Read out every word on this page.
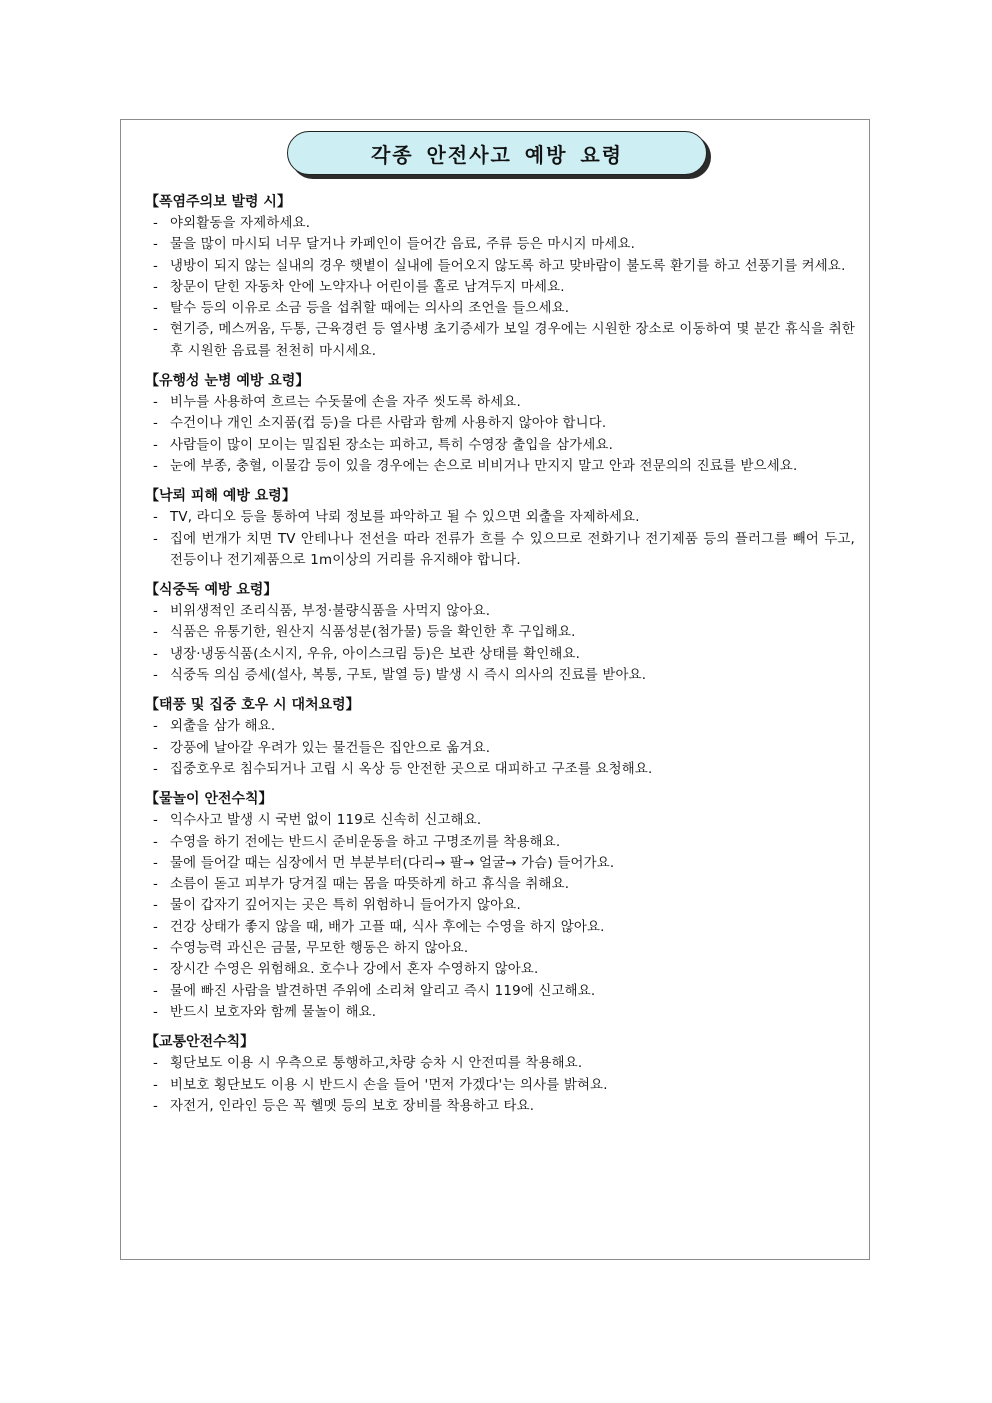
각종 안전사고 예방 요령
【폭염주의보 발령 시】
- 야외활동을 자제하세요.
- 물을 많이 마시되 너무 달거나 카페인이 들어간 음료, 주류 등은 마시지 마세요.
- 냉방이 되지 않는 실내의 경우 햇볕이 실내에 들어오지 않도록 하고 맞바람이 불도록 환기를 하고 선풍기를 켜세요.
- 창문이 닫힌 자동차 안에 노약자나 어린이를 홀로 남겨두지 마세요.
- 탈수 등의 이유로 소금 등을 섭취할 때에는 의사의 조언을 들으세요.
- 현기증, 메스꺼움, 두통, 근육경련 등 열사병 초기증세가 보일 경우에는 시원한 장소로 이동하여 몇 분간 휴식을 취한 후 시원한 음료를 천천히 마시세요.
【유행성 눈병 예방 요령】
- 비누를 사용하여 흐르는 수돗물에 손을 자주 씻도록 하세요.
- 수건이나 개인 소지품(컵 등)을 다른 사람과 함께 사용하지 않아야 합니다.
- 사람들이 많이 모이는 밀집된 장소는 피하고, 특히 수영장 출입을 삼가세요.
- 눈에 부종, 충혈, 이물감 등이 있을 경우에는 손으로 비비거나 만지지 말고 안과 전문의의 진료를 받으세요.
【낙뢰 피해 예방 요령】
- TV, 라디오 등을 통하여 낙뢰 정보를 파악하고 될 수 있으면 외출을 자제하세요.
- 집에 번개가 치면 TV 안테나나 전선을 따라 전류가 흐를 수 있으므로 전화기나 전기제품 등의 플러그를 빼어 두고, 전등이나 전기제품으로 1m이상의 거리를 유지해야 합니다.
【식중독 예방 요령】
- 비위생적인 조리식품, 부정·불량식품을 사먹지 않아요.
- 식품은 유통기한, 원산지 식품성분(첨가물) 등을 확인한 후 구입해요.
- 냉장·냉동식품(소시지, 우유, 아이스크림 등)은 보관 상태를 확인해요.
- 식중독 의심 증세(설사, 복통, 구토, 발열 등) 발생 시 즉시 의사의 진료를 받아요.
【태풍 및 집중 호우 시 대처요령】
- 외출을 삼가 해요.
- 강풍에 날아갈 우려가 있는 물건들은 집안으로 옮겨요.
- 집중호우로 침수되거나 고립 시 옥상 등 안전한 곳으로 대피하고 구조를 요청해요.
【물놀이 안전수칙】
- 익수사고 발생 시 국번 없이 119로 신속히 신고해요.
- 수영을 하기 전에는 반드시 준비운동을 하고 구명조끼를 착용해요.
- 물에 들어갈 때는 심장에서 먼 부분부터(다리→ 팔→ 얼굴→ 가슴) 들어가요.
- 소름이 돋고 피부가 당겨질 때는 몸을 따뜻하게 하고 휴식을 취해요.
- 물이 갑자기 깊어지는 곳은 특히 위험하니 들어가지 않아요.
- 건강 상태가 좋지 않을 때, 배가 고플 때, 식사 후에는 수영을 하지 않아요.
- 수영능력 과신은 금물, 무모한 행동은 하지 않아요.
- 장시간 수영은 위험해요. 호수나 강에서 혼자 수영하지 않아요.
- 물에 빠진 사람을 발견하면 주위에 소리쳐 알리고 즉시 119에 신고해요.
- 반드시 보호자와 함께 물놀이 해요.
【교통안전수칙】
- 횡단보도 이용 시 우측으로 통행하고,차량 승차 시 안전띠를 착용해요.
- 비보호 횡단보도 이용 시 반드시 손을 들어 '먼저 가겠다'는 의사를 밝혀요.
- 자전거, 인라인 등은 꼭 헬멧 등의 보호 장비를 착용하고 타요.
